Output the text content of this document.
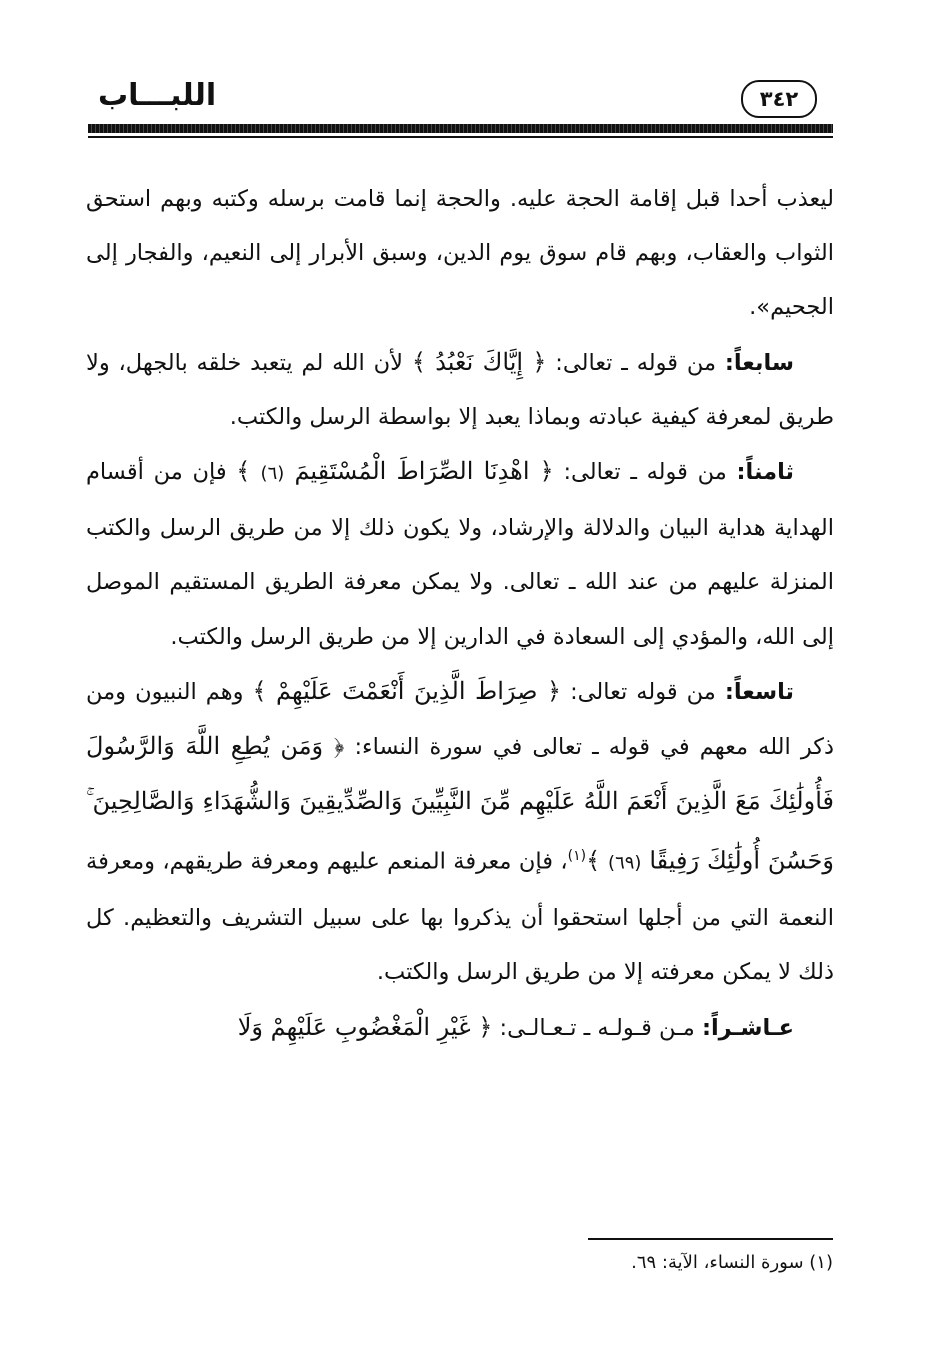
اللبـــاب	٣٤٢

ليعذب أحدا قبل إقامة الحجة عليه. والحجة إنما قامت برسله وكتبه وبهم استحق الثواب والعقاب، وبهم قام سوق يوم الدين، وسبق الأبرار إلى النعيم، والفجار إلى الجحيم».

سابعاً: من قوله ـ تعالى: ﴿ إِيَّاكَ نَعْبُدُ ﴾ لأن الله لم يتعبد خلقه بالجهل، ولا طريق لمعرفة كيفية عبادته وبماذا يعبد إلا بواسطة الرسل والكتب.

ثامناً: من قوله ـ تعالى: ﴿ اهْدِنَا الصِّرَاطَ الْمُسْتَقِيمَ (٦) ﴾ فإن من أقسام الهداية هداية البيان والدلالة والإرشاد، ولا يكون ذلك إلا من طريق الرسل والكتب المنزلة عليهم من عند الله ـ تعالى. ولا يمكن معرفة الطريق المستقيم الموصل إلى الله، والمؤدي إلى السعادة في الدارين إلا من طريق الرسل والكتب.

تاسعاً: من قوله تعالى: ﴿ صِرَاطَ الَّذِينَ أَنْعَمْتَ عَلَيْهِمْ ﴾ وهم النبيون ومن ذكر الله معهم في قوله ـ تعالى في سورة النساء: ﴿ وَمَن يُطِعِ اللَّهَ وَالرَّسُولَ فَأُولَٰئِكَ مَعَ الَّذِينَ أَنْعَمَ اللَّهُ عَلَيْهِم مِّنَ النَّبِيِّينَ وَالصِّدِّيقِينَ وَالشُّهَدَاءِ وَالصَّالِحِينَ ۚ وَحَسُنَ أُولَٰئِكَ رَفِيقًا (٦٩) ﴾$^{(١)}$، فإن معرفة المنعم عليهم ومعرفة طريقهم، ومعرفة النعمة التي من أجلها استحقوا أن يذكروا بها على سبيل التشريف والتعظيم. كل ذلك لا يمكن معرفته إلا من طريق الرسل والكتب.

عـاشـراً: مـن قـولـه ـ تـعـالـى: ﴿ غَيْرِ الْمَغْضُوبِ عَلَيْهِمْ وَلَا

(١) سورة النساء، الآية: ٦٩.
